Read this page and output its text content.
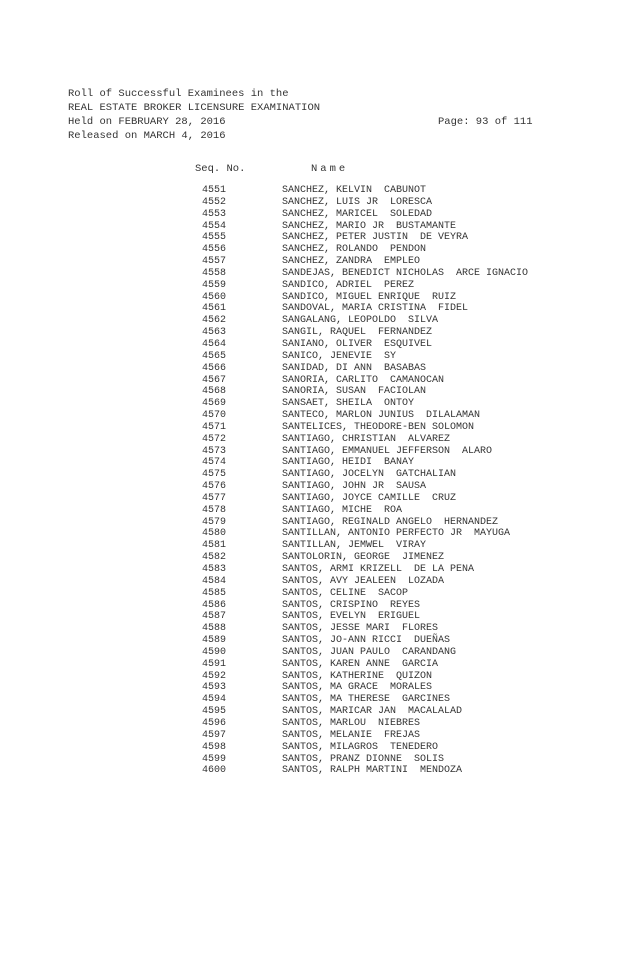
Roll of Successful Examinees in the
REAL ESTATE BROKER LICENSURE EXAMINATION
Held on FEBRUARY 28, 2016
Released on MARCH 4, 2016
Page: 93 of 111
Seq. No.	Name
4551	SANCHEZ, KELVIN  CABUNOT
4552	SANCHEZ, LUIS JR  LORESCA
4553	SANCHEZ, MARICEL  SOLEDAD
4554	SANCHEZ, MARIO JR  BUSTAMANTE
4555	SANCHEZ, PETER JUSTIN  DE VEYRA
4556	SANCHEZ, ROLANDO  PENDON
4557	SANCHEZ, ZANDRA  EMPLEO
4558	SANDEJAS, BENEDICT NICHOLAS  ARCE IGNACIO
4559	SANDICO, ADRIEL  PEREZ
4560	SANDICO, MIGUEL ENRIQUE  RUIZ
4561	SANDOVAL, MARIA CRISTINA  FIDEL
4562	SANGALANG, LEOPOLDO  SILVA
4563	SANGIL, RAQUEL  FERNANDEZ
4564	SANIANO, OLIVER  ESQUIVEL
4565	SANICO, JENEVIE  SY
4566	SANIDAD, DI ANN  BASABAS
4567	SANORIA, CARLITO  CAMANOCAN
4568	SANORIA, SUSAN  FACIOLAN
4569	SANSAET, SHEILA  ONTOY
4570	SANTECO, MARLON JUNIUS  DILALAMAN
4571	SANTELICES, THEODORE-BEN SOLOMON
4572	SANTIAGO, CHRISTIAN  ALVAREZ
4573	SANTIAGO, EMMANUEL JEFFERSON  ALARO
4574	SANTIAGO, HEIDI  BANAY
4575	SANTIAGO, JOCELYN  GATCHALIAN
4576	SANTIAGO, JOHN JR  SAUSA
4577	SANTIAGO, JOYCE CAMILLE  CRUZ
4578	SANTIAGO, MICHE  ROA
4579	SANTIAGO, REGINALD ANGELO  HERNANDEZ
4580	SANTILLAN, ANTONIO PERFECTO JR  MAYUGA
4581	SANTILLAN, JEMWEL  VIRAY
4582	SANTOLORIN, GEORGE  JIMENEZ
4583	SANTOS, ARMI KRIZELL  DE LA PENA
4584	SANTOS, AVY JEALEEN  LOZADA
4585	SANTOS, CELINE  SACOP
4586	SANTOS, CRISPINO  REYES
4587	SANTOS, EVELYN  ERIGUEL
4588	SANTOS, JESSE MARI  FLORES
4589	SANTOS, JO-ANN RICCI  DUEÑAS
4590	SANTOS, JUAN PAULO  CARANDANG
4591	SANTOS, KAREN ANNE  GARCIA
4592	SANTOS, KATHERINE  QUIZON
4593	SANTOS, MA GRACE  MORALES
4594	SANTOS, MA THERESE  GARCINES
4595	SANTOS, MARICAR JAN  MACALALAD
4596	SANTOS, MARLOU  NIEBRES
4597	SANTOS, MELANIE  FREJAS
4598	SANTOS, MILAGROS  TENEDERO
4599	SANTOS, PRANZ DIONNE  SOLIS
4600	SANTOS, RALPH MARTINI  MENDOZA
